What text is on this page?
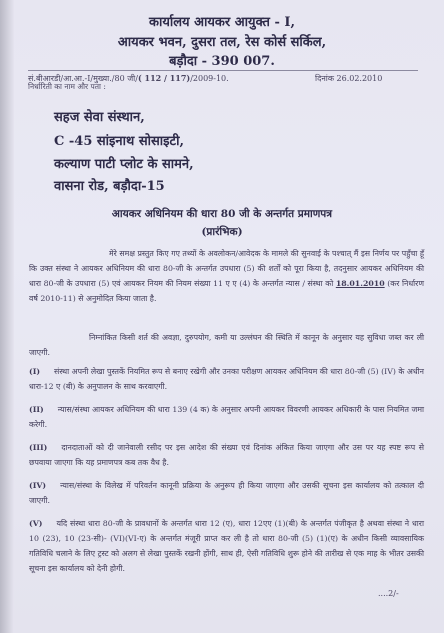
कार्यालय आयकर आयुक्त - I,
आयकर भवन, दुसरा तल, रेस कोर्स सर्किल,
बड़ौदा - 390 007.
सं.बीआरडी/आ.आ.-I/मुख्या./80 जी/( 112 / 117)/2009-10.	दिनांक 26.02.2010
निर्धारिती का नाम और पता :
सहज सेवा संस्थान,
C -45 सांइनाथ सोसाइटी,
कल्याण पाटी प्लोट के सामने,
वासना रोड, बड़ौदा-15
आयकर अधिनियम की धारा 80 जी के अन्तर्गत प्रमाणपत्र
(प्रारंभिक)
मेरे समक्ष प्रस्तुत किए गए तथ्यों के अवलोकन/आवेदक के मामले की सुनवाई के पश्चात् मैं इस निर्णय पर पहुँचा हूँ कि उक्त संस्था ने आयकर अधिनियम की धारा 80-जी के अन्तर्गत उपधारा (5) की शर्तों को पूरा किया है, तदनुसार आयकर अधिनियम की धारा 80-जी के उपधारा (5) एवं आयकर नियम की नियम संख्या 11 ए ए (4) के अन्तर्गत न्यास / संस्था को 18.01.2010 (कर निर्धारण वर्ष 2010-11) से अनुमोदित किया जाता है.
निम्नांकित किसी शर्त की अवज्ञा, दुरुपयोग, कमी या उल्लंघन की स्थिति में कानून के अनुसार यह सुविधा जब्त कर ली जाएगी.
(I) संस्था अपनी लेखा पुस्तकें नियमित रूप से बनाए रखेगी और उनका परीक्षण आयकर अधिनियम की धारा 80-जी (5) (IV) के अधीन धारा-12 ए (बी) के अनुपालन के साथ करवाएगी.
(II) न्यास/संस्था आयकर अधिनियम की धारा 139 (4 क) के अनुसार अपनी आयकर विवरणी आयकर अधिकारी के पास नियमित जमा करेगी.
(III) दानदाताओं को दी जानेवाली रसीद पर इस आदेश की संख्या एवं दिनांक अंकित किया जाएगा और उस पर यह स्पष्ट रूप से छपवाया जाएगा कि यह प्रमाणपत्र कब तक वैध है.
(IV) न्यास/संस्था के विलेख में परिवर्तन कानूनी प्रक्रिया के अनुरूप ही किया जाएगा और उसकी सूचना इस कार्यालय को तत्काल दी जाएगी.
(V) यदि संस्था धारा 80-जी के प्रावधानों के अन्तर्गत धारा 12 (ए), धारा 12एए (1)(बी) के अन्तर्गत पंजीकृत है अथवा संस्था ने धारा 10 (23), 10 (23-सी)- (VI)(VI-ए) के अन्तर्गत मंजूरी प्राप्त कर ली है तो धारा 80-जी (5) (1)(ए) के अधीन किसी व्यावसायिक गतिविधि चलाने के लिए ट्रस्ट को अलग से लेखा पुस्तकें रखनी होंगी, साथ ही, ऐसी गतिविधि शुरू होने की तारीख से एक माह के भीतर उसकी सूचना इस कार्यालय को देनी होगी.
....2/-
